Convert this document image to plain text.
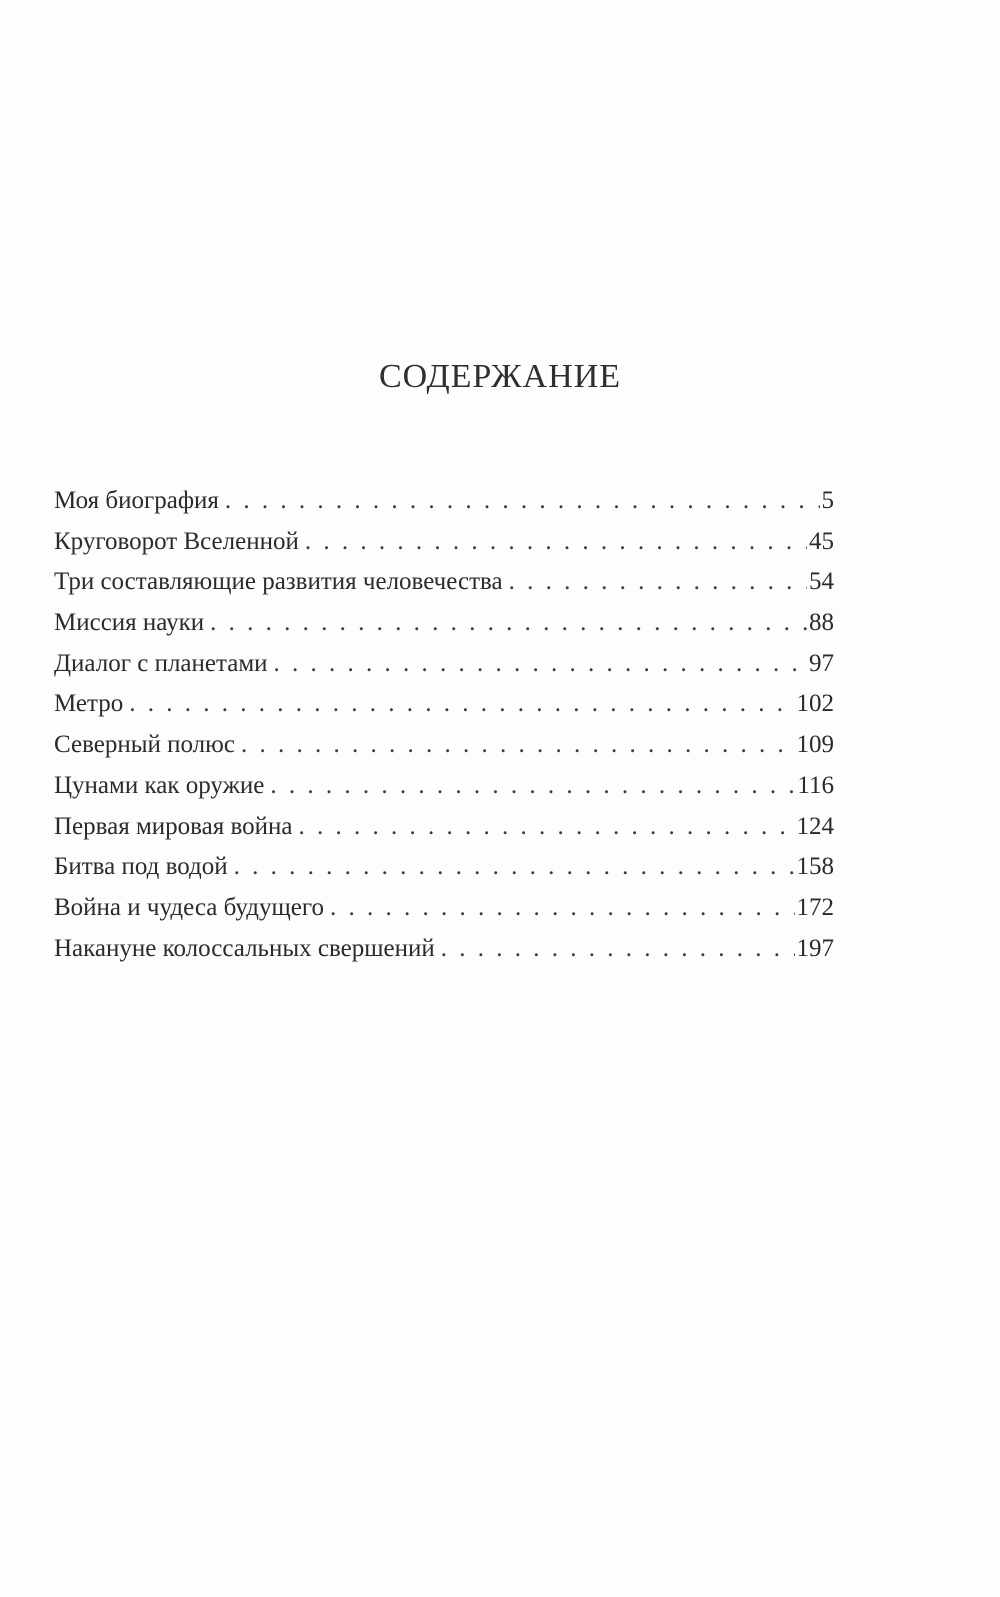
СОДЕРЖАНИЕ
Моя биография . . .	5
Круговорот Вселенной . . .	45
Три составляющие развития человечества . . .	54
Миссия науки . . .	88
Диалог с планетами . . .	97
Метро . . .	102
Северный полюс . . .	109
Цунами как оружие . . .	116
Первая мировая война . . .	124
Битва под водой . . .	158
Война и чудеса будущего . . .	172
Накануне колоссальных свершений . . .	197
